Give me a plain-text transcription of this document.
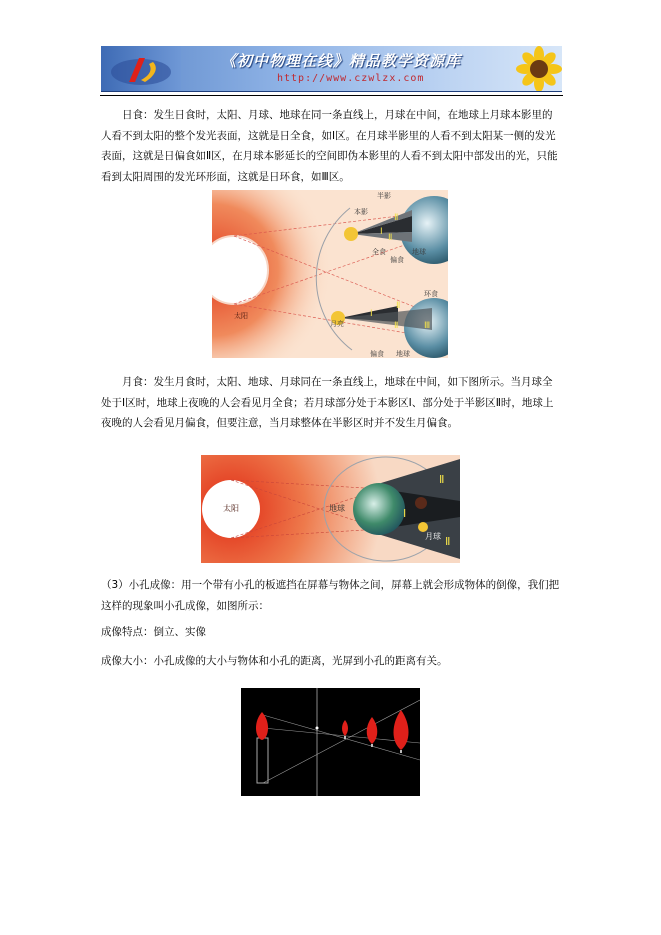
《初中物理在线》精品教学资源库
http://www.czwlzx.com

日食：发生日食时，太阳、月球、地球在同一条直线上，月球在中间，在地球上月球本影里的人看不到太阳的整个发光表面，这就是日全食，如Ⅰ区。在月球半影里的人看不到太阳某一侧的发光表面，这就是日偏食如Ⅱ区，在月球本影延长的空间即伪本影里的人看不到太阳中部发出的光，只能看到太阳周围的发光环形面，这就是日环食，如Ⅲ区。

太阳
月亮
半影
本影
全食
偏食
地球
环食
偏食 地球
Ⅰ
Ⅱ
Ⅱ
Ⅰ
Ⅱ
Ⅱ	Ⅲ

月食：发生月食时，太阳、地球、月球同在一条直线上，地球在中间，如下图所示。当月球全处于Ⅰ区时，地球上夜晚的人会看见月全食；若月球部分处于本影区Ⅰ、部分处于半影区Ⅱ时，地球上夜晚的人会看见月偏食，但要注意，当月球整体在半影区时并不发生月偏食。

太阳	地球
月球
Ⅰ
Ⅱ
Ⅱ

（3）小孔成像：用一个带有小孔的板遮挡在屏幕与物体之间，屏幕上就会形成物体的倒像，我们把这样的现象叫小孔成像，如图所示：

成像特点：倒立、实像

成像大小：小孔成像的大小与物体和小孔的距离，光屏到小孔的距离有关。
